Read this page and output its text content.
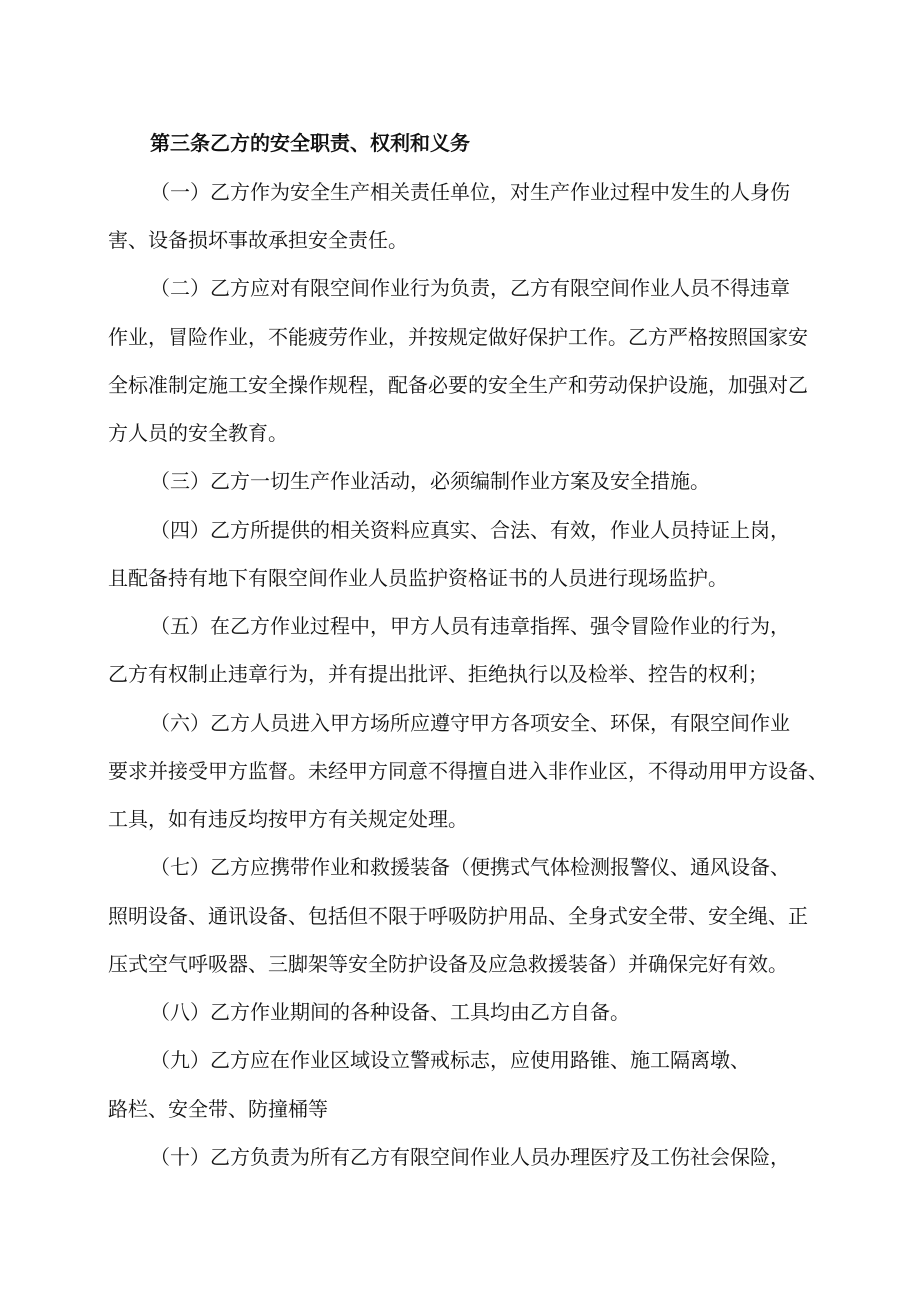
第三条乙方的安全职责、权利和义务

（一）乙方作为安全生产相关责任单位，对生产作业过程中发生的人身伤

害、设备损坏事故承担安全责任。

（二）乙方应对有限空间作业行为负责，乙方有限空间作业人员不得违章

作业，冒险作业，不能疲劳作业，并按规定做好保护工作。乙方严格按照国家安

全标准制定施工安全操作规程，配备必要的安全生产和劳动保护设施，加强对乙

方人员的安全教育。

（三）乙方一切生产作业活动，必须编制作业方案及安全措施。

（四）乙方所提供的相关资料应真实、合法、有效，作业人员持证上岗，

且配备持有地下有限空间作业人员监护资格证书的人员进行现场监护。

（五）在乙方作业过程中，甲方人员有违章指挥、强令冒险作业的行为，

乙方有权制止违章行为，并有提出批评、拒绝执行以及检举、控告的权利；

（六）乙方人员进入甲方场所应遵守甲方各项安全、环保，有限空间作业

要求并接受甲方监督。未经甲方同意不得擅自进入非作业区，不得动用甲方设备、

工具，如有违反均按甲方有关规定处理。

（七）乙方应携带作业和救援装备（便携式气体检测报警仪、通风设备、

照明设备、通讯设备、包括但不限于呼吸防护用品、全身式安全带、安全绳、正

压式空气呼吸器、三脚架等安全防护设备及应急救援装备）并确保完好有效。

（八）乙方作业期间的各种设备、工具均由乙方自备。

（九）乙方应在作业区域设立警戒标志，应使用路锥、施工隔离墩、

路栏、安全带、防撞桶等

（十）乙方负责为所有乙方有限空间作业人员办理医疗及工伤社会保险，
